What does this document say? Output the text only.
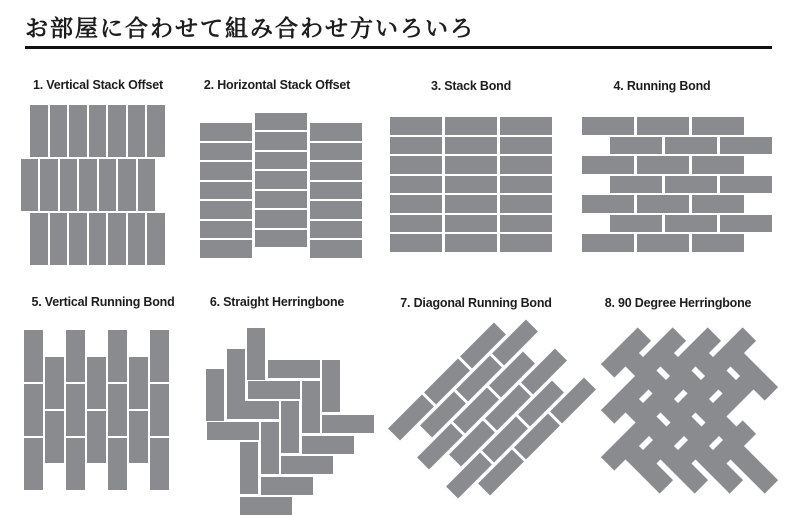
お部屋に合わせて組み合わせ方いろいろ
1. Vertical Stack Offset	2. Horizontal Stack Offset	3. Stack Bond	4. Running Bond
5. Vertical Running Bond	6. Straight Herringbone	7. Diagonal Running Bond	8. 90 Degree Herringbone
